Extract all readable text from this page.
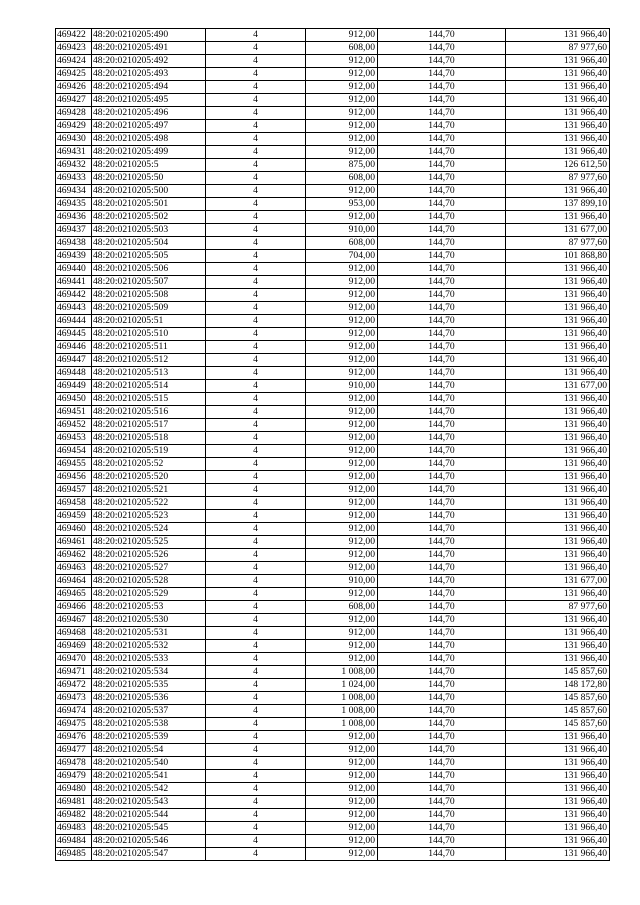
469422	48:20:0210205:490	4	912,00	144,70	131 966,40
469423	48:20:0210205:491	4	608,00	144,70	87 977,60
469424	48:20:0210205:492	4	912,00	144,70	131 966,40
469425	48:20:0210205:493	4	912,00	144,70	131 966,40
469426	48:20:0210205:494	4	912,00	144,70	131 966,40
469427	48:20:0210205:495	4	912,00	144,70	131 966,40
469428	48:20:0210205:496	4	912,00	144,70	131 966,40
469429	48:20:0210205:497	4	912,00	144,70	131 966,40
469430	48:20:0210205:498	4	912,00	144,70	131 966,40
469431	48:20:0210205:499	4	912,00	144,70	131 966,40
469432	48:20:0210205:5	4	875,00	144,70	126 612,50
469433	48:20:0210205:50	4	608,00	144,70	87 977,60
469434	48:20:0210205:500	4	912,00	144,70	131 966,40
469435	48:20:0210205:501	4	953,00	144,70	137 899,10
469436	48:20:0210205:502	4	912,00	144,70	131 966,40
469437	48:20:0210205:503	4	910,00	144,70	131 677,00
469438	48:20:0210205:504	4	608,00	144,70	87 977,60
469439	48:20:0210205:505	4	704,00	144,70	101 868,80
469440	48:20:0210205:506	4	912,00	144,70	131 966,40
469441	48:20:0210205:507	4	912,00	144,70	131 966,40
469442	48:20:0210205:508	4	912,00	144,70	131 966,40
469443	48:20:0210205:509	4	912,00	144,70	131 966,40
469444	48:20:0210205:51	4	912,00	144,70	131 966,40
469445	48:20:0210205:510	4	912,00	144,70	131 966,40
469446	48:20:0210205:511	4	912,00	144,70	131 966,40
469447	48:20:0210205:512	4	912,00	144,70	131 966,40
469448	48:20:0210205:513	4	912,00	144,70	131 966,40
469449	48:20:0210205:514	4	910,00	144,70	131 677,00
469450	48:20:0210205:515	4	912,00	144,70	131 966,40
469451	48:20:0210205:516	4	912,00	144,70	131 966,40
469452	48:20:0210205:517	4	912,00	144,70	131 966,40
469453	48:20:0210205:518	4	912,00	144,70	131 966,40
469454	48:20:0210205:519	4	912,00	144,70	131 966,40
469455	48:20:0210205:52	4	912,00	144,70	131 966,40
469456	48:20:0210205:520	4	912,00	144,70	131 966,40
469457	48:20:0210205:521	4	912,00	144,70	131 966,40
469458	48:20:0210205:522	4	912,00	144,70	131 966,40
469459	48:20:0210205:523	4	912,00	144,70	131 966,40
469460	48:20:0210205:524	4	912,00	144,70	131 966,40
469461	48:20:0210205:525	4	912,00	144,70	131 966,40
469462	48:20:0210205:526	4	912,00	144,70	131 966,40
469463	48:20:0210205:527	4	912,00	144,70	131 966,40
469464	48:20:0210205:528	4	910,00	144,70	131 677,00
469465	48:20:0210205:529	4	912,00	144,70	131 966,40
469466	48:20:0210205:53	4	608,00	144,70	87 977,60
469467	48:20:0210205:530	4	912,00	144,70	131 966,40
469468	48:20:0210205:531	4	912,00	144,70	131 966,40
469469	48:20:0210205:532	4	912,00	144,70	131 966,40
469470	48:20:0210205:533	4	912,00	144,70	131 966,40
469471	48:20:0210205:534	4	1 008,00	144,70	145 857,60
469472	48:20:0210205:535	4	1 024,00	144,70	148 172,80
469473	48:20:0210205:536	4	1 008,00	144,70	145 857,60
469474	48:20:0210205:537	4	1 008,00	144,70	145 857,60
469475	48:20:0210205:538	4	1 008,00	144,70	145 857,60
469476	48:20:0210205:539	4	912,00	144,70	131 966,40
469477	48:20:0210205:54	4	912,00	144,70	131 966,40
469478	48:20:0210205:540	4	912,00	144,70	131 966,40
469479	48:20:0210205:541	4	912,00	144,70	131 966,40
469480	48:20:0210205:542	4	912,00	144,70	131 966,40
469481	48:20:0210205:543	4	912,00	144,70	131 966,40
469482	48:20:0210205:544	4	912,00	144,70	131 966,40
469483	48:20:0210205:545	4	912,00	144,70	131 966,40
469484	48:20:0210205:546	4	912,00	144,70	131 966,40
469485	48:20:0210205:547	4	912,00	144,70	131 966,40
